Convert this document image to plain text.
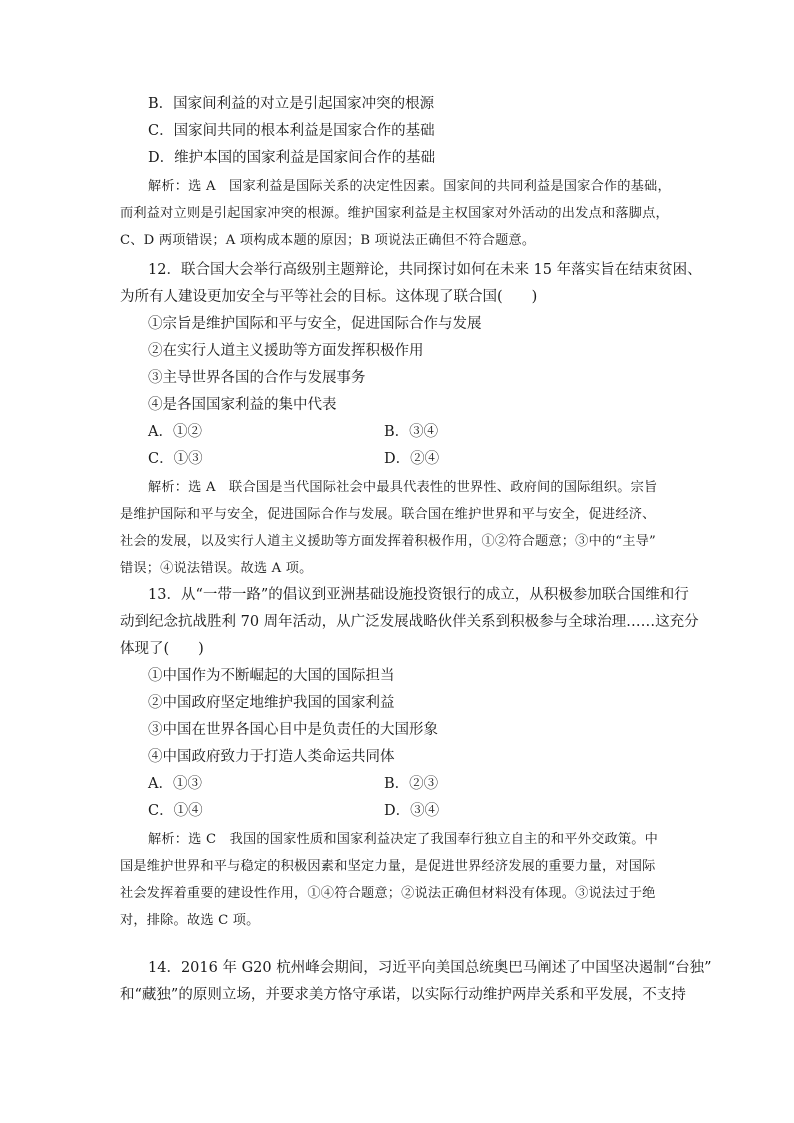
B．国家间利益的对立是引起国家冲突的根源
C．国家间共同的根本利益是国家合作的基础
D．维护本国的国家利益是国家间合作的基础
解析：选 A　国家利益是国际关系的决定性因素。国家间的共同利益是国家合作的基础，
而利益对立则是引起国家冲突的根源。维护国家利益是主权国家对外活动的出发点和落脚点，
C、D 两项错误；A 项构成本题的原因；B 项说法正确但不符合题意。
12．联合国大会举行高级别主题辩论，共同探讨如何在未来 15 年落实旨在结束贫困、
为所有人建设更加安全与平等社会的目标。这体现了联合国(　　)
①宗旨是维护国际和平与安全，促进国际合作与发展
②在实行人道主义援助等方面发挥积极作用
③主导世界各国的合作与发展事务
④是各国国家利益的集中代表
A．①②	B．③④
C．①③	D．②④
解析：选 A　联合国是当代国际社会中最具代表性的世界性、政府间的国际组织。宗旨
是维护国际和平与安全，促进国际合作与发展。联合国在维护世界和平与安全，促进经济、
社会的发展，以及实行人道主义援助等方面发挥着积极作用，①②符合题意；③中的“主导”
错误；④说法错误。故选 A 项。
13．从“一带一路”的倡议到亚洲基础设施投资银行的成立，从积极参加联合国维和行
动到纪念抗战胜利 70 周年活动，从广泛发展战略伙伴关系到积极参与全球治理……这充分
体现了(　　)
①中国作为不断崛起的大国的国际担当
②中国政府坚定地维护我国的国家利益
③中国在世界各国心目中是负责任的大国形象
④中国政府致力于打造人类命运共同体
A．①③	B．②③
C．①④	D．③④
解析：选 C　我国的国家性质和国家利益决定了我国奉行独立自主的和平外交政策。中
国是维护世界和平与稳定的积极因素和坚定力量，是促进世界经济发展的重要力量，对国际
社会发挥着重要的建设性作用，①④符合题意；②说法正确但材料没有体现。③说法过于绝
对，排除。故选 C 项。
14．2016 年 G20 杭州峰会期间，习近平向美国总统奥巴马阐述了中国坚决遏制“台独”
和“藏独”的原则立场，并要求美方恪守承诺，以实际行动维护两岸关系和平发展，不支持
